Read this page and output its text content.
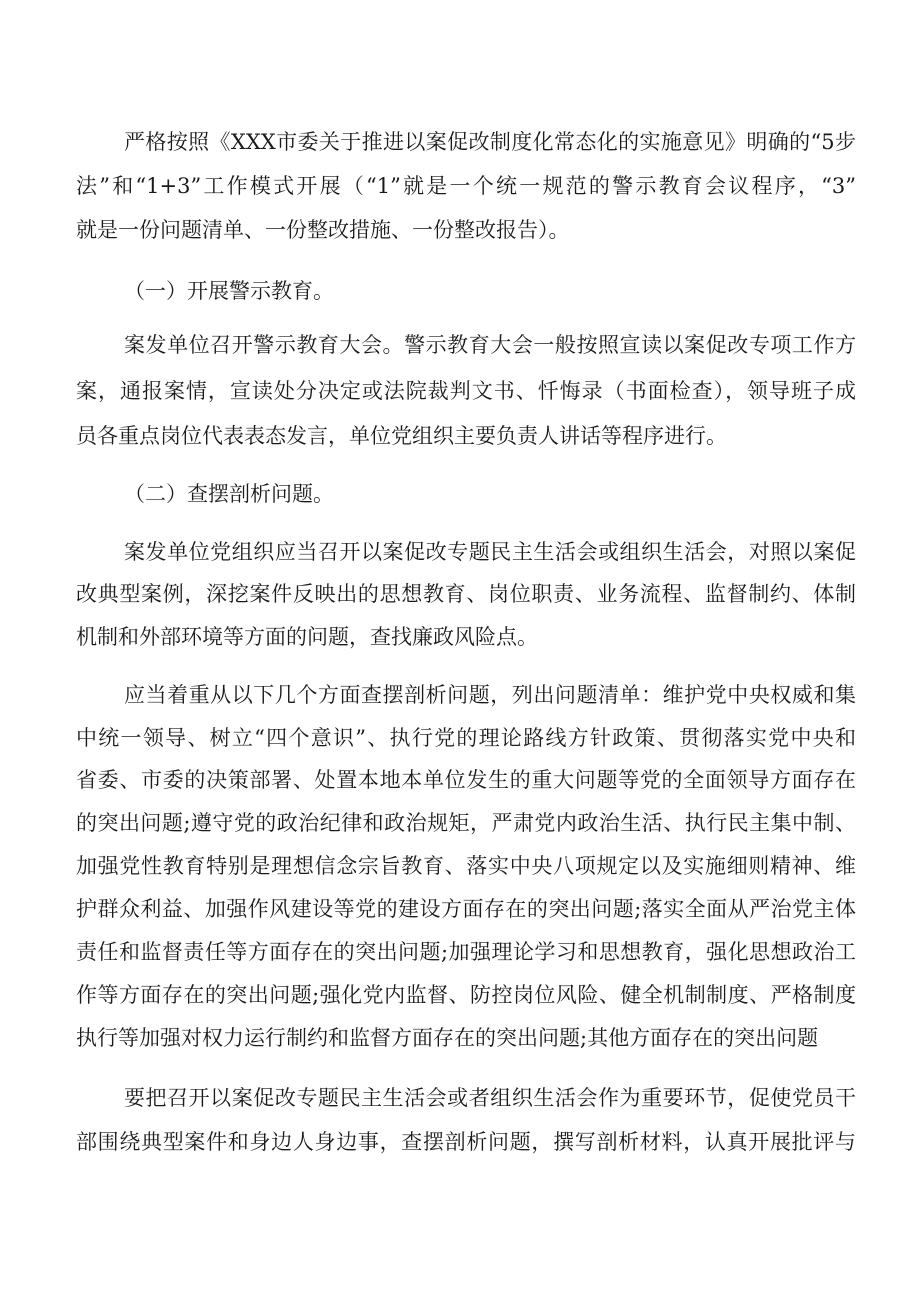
严格按照《XXX市委关于推进以案促改制度化常态化的实施意见》明确的“5步
法”和“1+3”工作模式开展（“1”就是一个统一规范的警示教育会议程序，“3”
就是一份问题清单、一份整改措施、一份整改报告）。
（一）开展警示教育。
案发单位召开警示教育大会。警示教育大会一般按照宣读以案促改专项工作方
案，通报案情，宣读处分决定或法院裁判文书、忏悔录（书面检查），领导班子成
员各重点岗位代表表态发言，单位党组织主要负责人讲话等程序进行。
（二）查摆剖析问题。
案发单位党组织应当召开以案促改专题民主生活会或组织生活会，对照以案促
改典型案例，深挖案件反映出的思想教育、岗位职责、业务流程、监督制约、体制
机制和外部环境等方面的问题，查找廉政风险点。
应当着重从以下几个方面查摆剖析问题，列出问题清单：维护党中央权威和集
中统一领导、树立“四个意识”、执行党的理论路线方针政策、贯彻落实党中央和
省委、市委的决策部署、处置本地本单位发生的重大问题等党的全面领导方面存在
的突出问题;遵守党的政治纪律和政治规矩，严肃党内政治生活、执行民主集中制、
加强党性教育特别是理想信念宗旨教育、落实中央八项规定以及实施细则精神、维
护群众利益、加强作风建设等党的建设方面存在的突出问题;落实全面从严治党主体
责任和监督责任等方面存在的突出问题;加强理论学习和思想教育，强化思想政治工
作等方面存在的突出问题;强化党内监督、防控岗位风险、健全机制制度、严格制度
执行等加强对权力运行制约和监督方面存在的突出问题;其他方面存在的突出问题
要把召开以案促改专题民主生活会或者组织生活会作为重要环节，促使党员干
部围绕典型案件和身边人身边事，查摆剖析问题，撰写剖析材料，认真开展批评与
